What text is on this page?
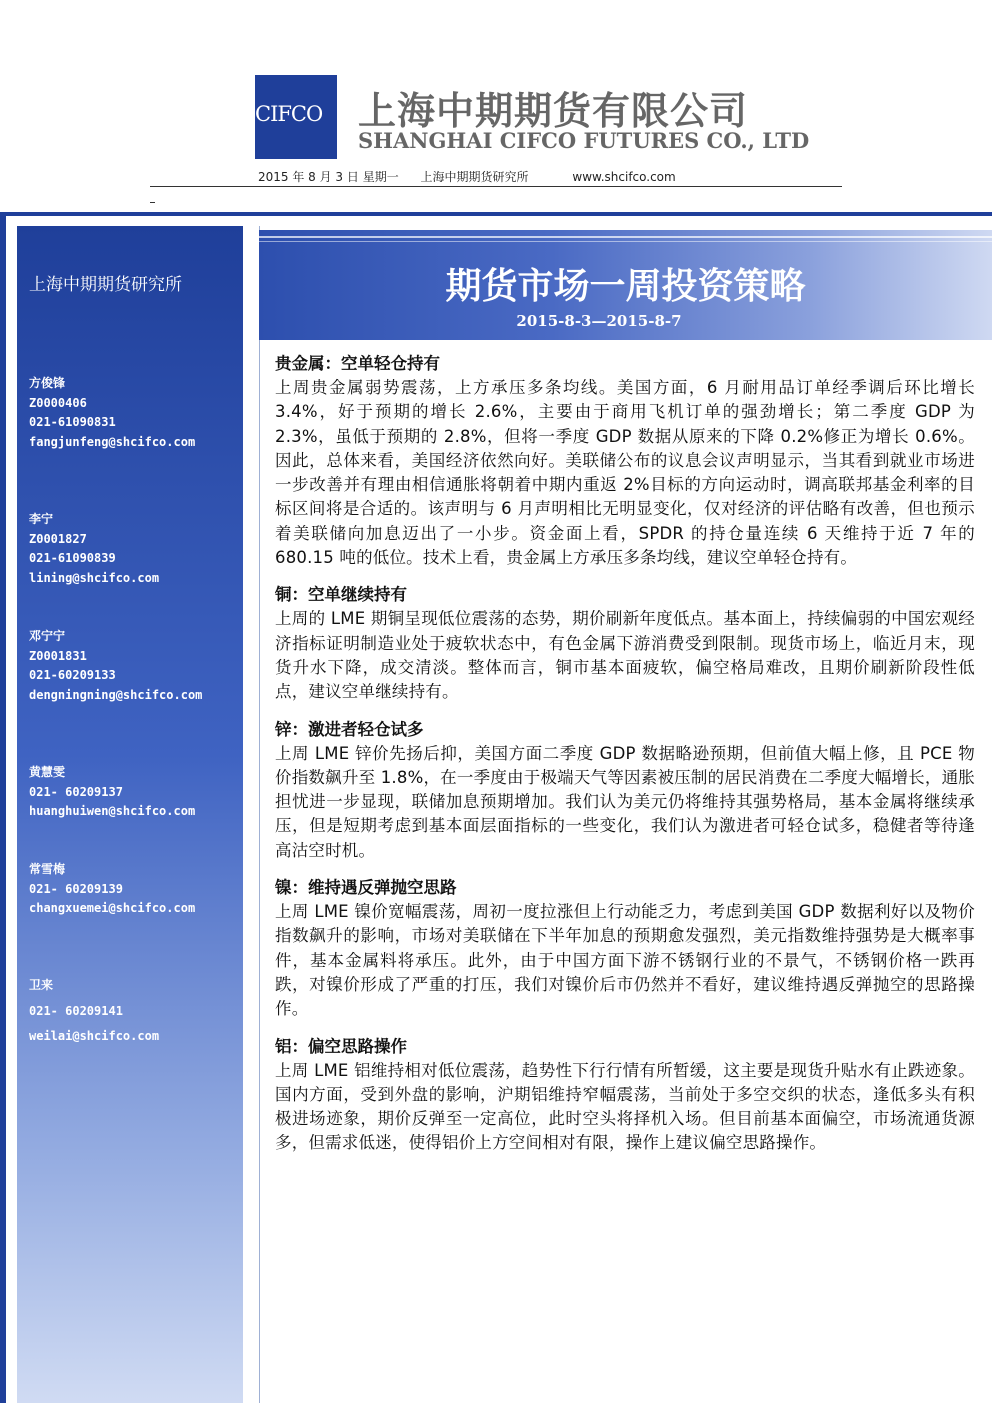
CIFCO 上海中期期货有限公司
SHANGHAI CIFCO FUTURES CO., LTD
2015 年 8 月 3 日 星期一 上海中期期货研究所	www.shcifco.com
上海中期期货研究所
方俊锋
Z0000406
021-61090831
fangjunfeng@shcifco.com
李宁
Z0001827
021-61090839
lining@shcifco.com
邓宁宁
Z0001831
021-60209133
dengningning@shcifco.com
黄慧雯
021- 60209137
huanghuiwen@shcifco.com
常雪梅
021- 60209139
changxuemei@shcifco.com
卫来
021- 60209141
weilai@shcifco.com
期货市场一周投资策略
2015-8-3—2015-8-7
贵金属：空单轻仓持有
上周贵金属弱势震荡，上方承压多条均线。美国方面，6 月耐用品订单经季调后环比增长 3.4%，好于预期的增长 2.6%，主要由于商用飞机订单的强劲增长；第二季度 GDP 为 2.3%，虽低于预期的 2.8%，但将一季度 GDP 数据从原来的下降 0.2%修正为增长 0.6%。因此，总体来看，美国经济依然向好。美联储公布的议息会议声明显示，当其看到就业市场进一步改善并有理由相信通胀将朝着中期内重返 2%目标的方向运动时，调高联邦基金利率的目标区间将是合适的。该声明与 6 月声明相比无明显变化，仅对经济的评估略有改善，但也预示着美联储向加息迈出了一小步。资金面上看，SPDR 的持仓量连续 6 天维持于近 7 年的 680.15 吨的低位。技术上看，贵金属上方承压多条均线，建议空单轻仓持有。
铜：空单继续持有
上周的 LME 期铜呈现低位震荡的态势，期价刷新年度低点。基本面上，持续偏弱的中国宏观经济指标证明制造业处于疲软状态中，有色金属下游消费受到限制。现货市场上，临近月末，现货升水下降，成交清淡。整体而言，铜市基本面疲软，偏空格局难改，且期价刷新阶段性低点，建议空单继续持有。
锌：激进者轻仓试多
上周 LME 锌价先扬后抑，美国方面二季度 GDP 数据略逊预期，但前值大幅上修，且 PCE 物价指数飙升至 1.8%，在一季度由于极端天气等因素被压制的居民消费在二季度大幅增长，通胀担忧进一步显现，联储加息预期增加。我们认为美元仍将维持其强势格局，基本金属将继续承压，但是短期考虑到基本面层面指标的一些变化，我们认为激进者可轻仓试多，稳健者等待逢高沽空时机。
镍：维持遇反弹抛空思路
上周 LME 镍价宽幅震荡，周初一度拉涨但上行动能乏力，考虑到美国 GDP 数据利好以及物价指数飙升的影响，市场对美联储在下半年加息的预期愈发强烈，美元指数维持强势是大概率事件，基本金属料将承压。此外，由于中国方面下游不锈钢行业的不景气，不锈钢价格一跌再跌，对镍价形成了严重的打压，我们对镍价后市仍然并不看好，建议维持遇反弹抛空的思路操作。
铝：偏空思路操作
上周 LME 铝维持相对低位震荡，趋势性下行行情有所暂缓，这主要是现货升贴水有止跌迹象。国内方面，受到外盘的影响，沪期铝维持窄幅震荡，当前处于多空交织的状态，逢低多头有积极进场迹象，期价反弹至一定高位，此时空头将择机入场。但目前基本面偏空，市场流通货源多，但需求低迷，使得铝价上方空间相对有限，操作上建议偏空思路操作。
